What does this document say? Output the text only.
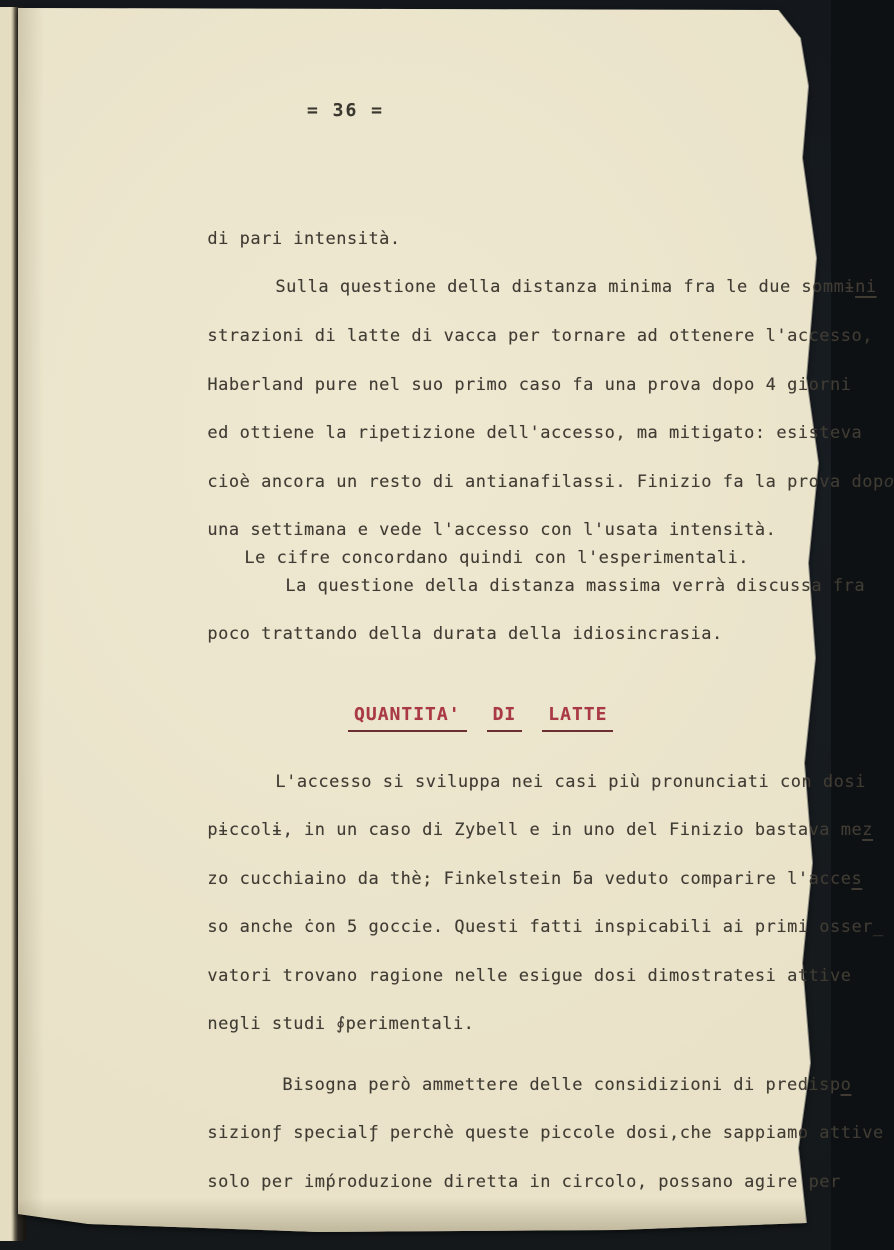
= 36 =

di pari intensità.

Sulla questione della distanza minima fra le due sommɨni

strazioni di latte di vacca per tornare ad ottenere l'accesso,

Haberland pure nel suo primo caso fa una prova dopo 4 giorni

ed ottiene la ripetizione dell'accesso, ma mitigato: esisteva

cioè ancora un resto di antianafilassi. Finizio fa la prova dopo

una settimana e vede l'accesso con l'usata intensità.

Le cifre concordano quindi con l'esperimentali.

La questione della distanza massima verrà discussa fra

poco trattando della durata della idiosincrasia.

QUANTITA' DI LATTE

L'accesso si sviluppa nei casi più pronunciati con dosi

pɨccolɨ, in un caso di Zybell e in uno del Finizio bastava mez

zo cucchiaino da thè; Finkelstein ƃa veduto comparire l'acces

so anche ċon 5 goccie. Questi fatti inspicabili ai primi osser_

vatori trovano ragione nelle esigue dosi dimostratesi attive

negli studi ∮perimentali.

Bisogna però ammettere delle considizioni di predispo

sizionƒ specialƒ perchè queste piccole dosi,che sappiamo attive

solo per imṕroduzione diretta in circolo, possano agire per
